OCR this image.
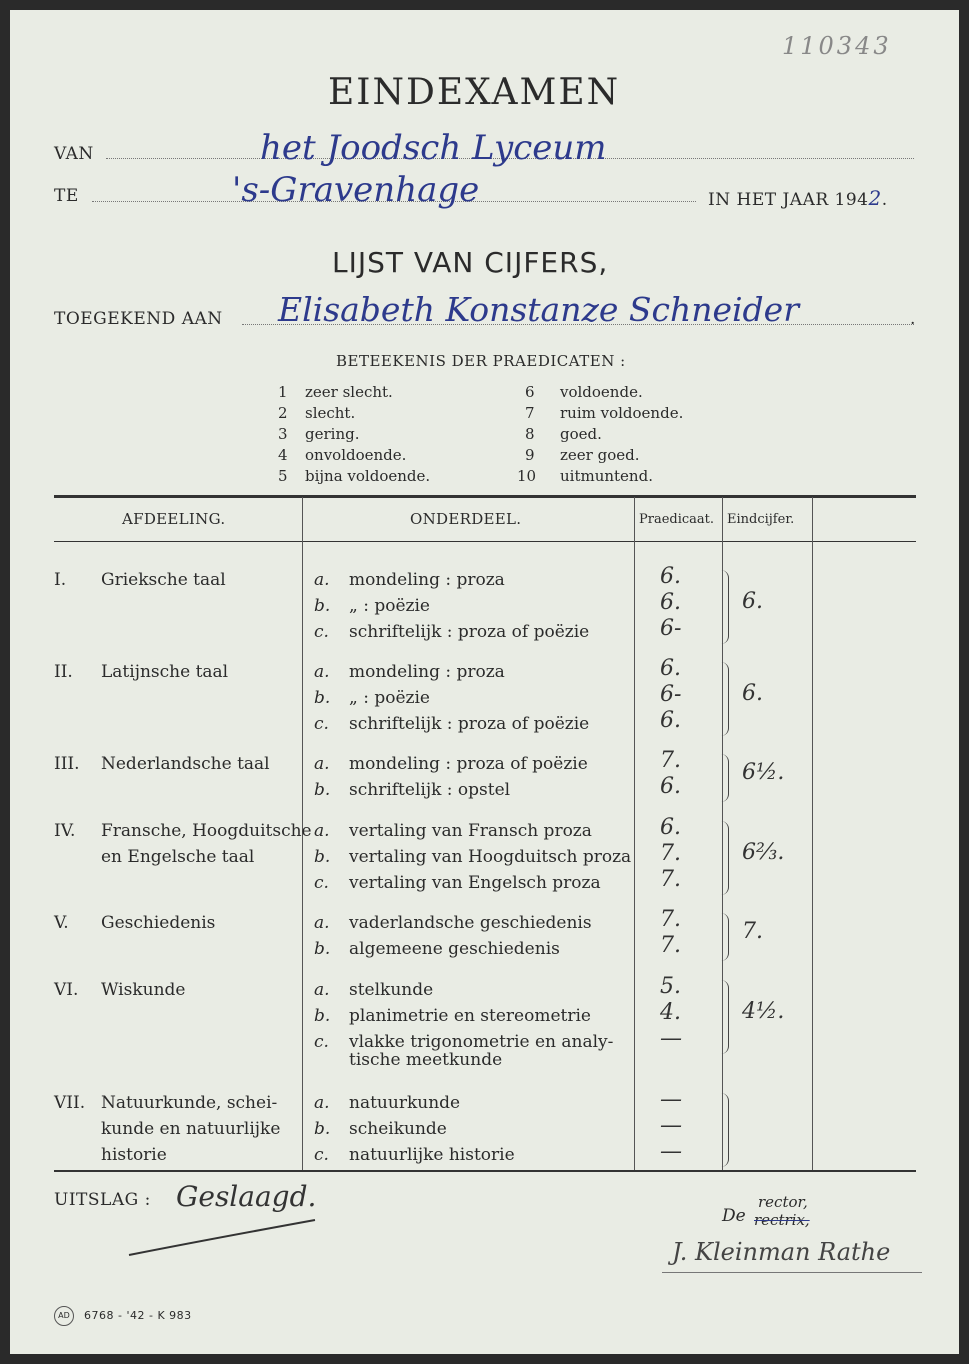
110343
EINDEXAMEN
VAN	het Joodsch Lyceum
TE	's-Gravenhage	IN HET JAAR 1942.
LIJST VAN CIJFERS,
TOEGEKEND AAN Elisabeth Konstanze Schneider	.
BETEEKENIS DER PRAEDICATEN :
1 zeer slecht.
2 slecht.
3 gering.
4 onvoldoende.
5 bijna voldoende.
6 voldoende.
7 ruim voldoende.
8 goed.
9 zeer goed.
10 uitmuntend.
AFDEELING.	ONDERDEEL.	Praedicaat. Eindcijfer.
I. Grieksche taal	a. mondeling : proza	6.
b. „ : poëzie	6.
c. schriftelijk : proza of poëzie	6-
6.
II. Latijnsche taal	a. mondeling : proza	6.
b. „ : poëzie	6-
c. schriftelijk : proza of poëzie	6.
6.
III. Nederlandsche taal	a. mondeling : proza of poëzie	7.
b. schriftelijk : opstel	6.
6½.
IV. Fransche, Hoogduitsche
en Engelsche taal
a. vertaling van Fransch proza	6.
b. vertaling van Hoogduitsch proza 7.
c. vertaling van Engelsch proza	7.
6⅔.
V. Geschiedenis	a. vaderlandsche geschiedenis	7.
b. algemeene geschiedenis	7.
7.
VI. Wiskunde	a. stelkunde	5.
b. planimetrie en stereometrie	4.
c. vlakke trigonometrie en analy- —
tische meetkunde
4½.
VII. Natuurkunde, schei-
kunde en natuurlijke
historie
a. natuurkunde	—
b. scheikunde	—
c. natuurlijke historie	—
UITSLAG : Geslaagd.
De
rector,
rectrix,
J. Kleinman Rathe
AD	6768 - '42 - K 983
